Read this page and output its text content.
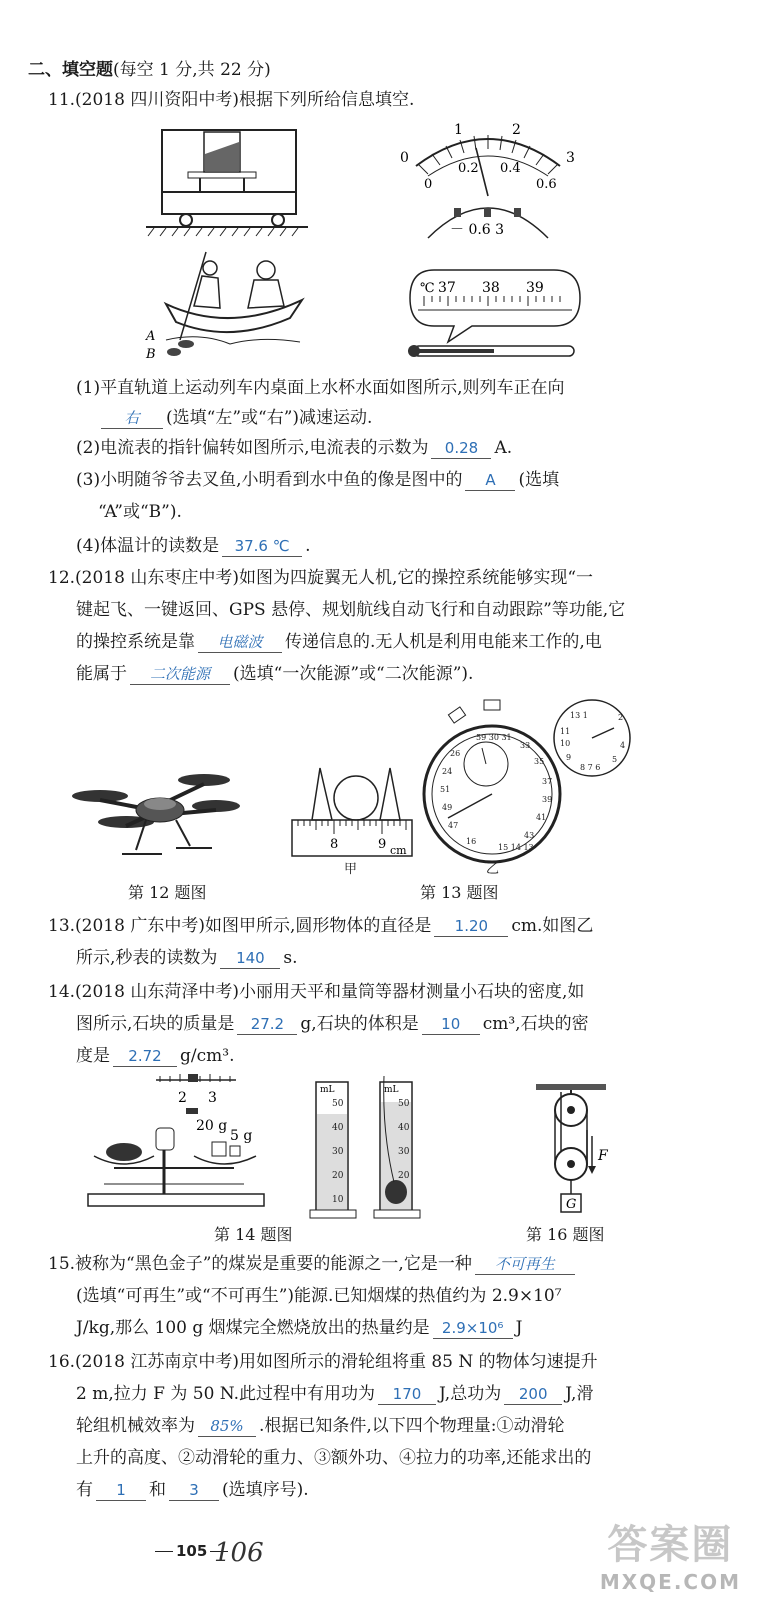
二、填空题(每空 1 分,共 22 分)
11.(2018 四川资阳中考)根据下列所给信息填空.
0
1	2
3
0
0.2 0.4
0.6
－ 0.6 3
A
B
℃ 37 38 39
(1)平直轨道上运动列车内桌面上水杯水面如图所示,则列车正在向
右 (选填“左”或“右”)减速运动.
(2)电流表的指针偏转如图所示,电流表的示数为 0.28 A.
(3)小明随爷爷去叉鱼,小明看到水中鱼的像是图中的 A (选填
“A”或“B”).
(4)体温计的读数是 37.6 ℃ .
12.(2018 山东枣庄中考)如图为四旋翼无人机,它的操控系统能够实现“一
键起飞、一键返回、GPS 悬停、规划航线自动飞行和自动跟踪”等功能,它
的操控系统是靠 电磁波 传递信息的.无人机是利用电能来工作的,电
能属于 二次能源 (选填“一次能源”或“二次能源”).
第 12 题图
8	9 cm
甲
59 30 31
33
35
37
39
41
43
15 14 13
16
47
49
51
24
26
13 1
11
10
9
8 7 6
5
4
2
乙
第 13 题图
13.(2018 广东中考)如图甲所示,圆形物体的直径是 1.20 cm.如图乙
所示,秒表的读数为 140 s.
14.(2018 山东菏泽中考)小丽用天平和量筒等器材测量小石块的密度,如
图所示,石块的质量是 27.2 g,石块的体积是 10 cm³,石块的密
度是 2.72 g/cm³.
2 3
20 g
5 g
mL
50
40
30
20
10
mL
50
40
30
20
第 14 题图
F
G
第 16 题图
15.被称为“黑色金子”的煤炭是重要的能源之一,它是一种 不可再生
(选填“可再生”或“不可再生”)能源.已知烟煤的热值约为 2.9×10⁷
J/kg,那么 100 g 烟煤完全燃烧放出的热量约是 2.9×10⁶ J
16.(2018 江苏南京中考)用如图所示的滑轮组将重 85 N 的物体匀速提升
2 m,拉力 F 为 50 N.此过程中有用功为 170 J,总功为 200 J,滑
轮组机械效率为 85% .根据已知条件,以下四个物理量:①动滑轮
上升的高度、②动滑轮的重力、③额外功、④拉力的功率,还能求出的
有 1 和 3 (选填序号).
105 106	答案圈
MXQE.COM
